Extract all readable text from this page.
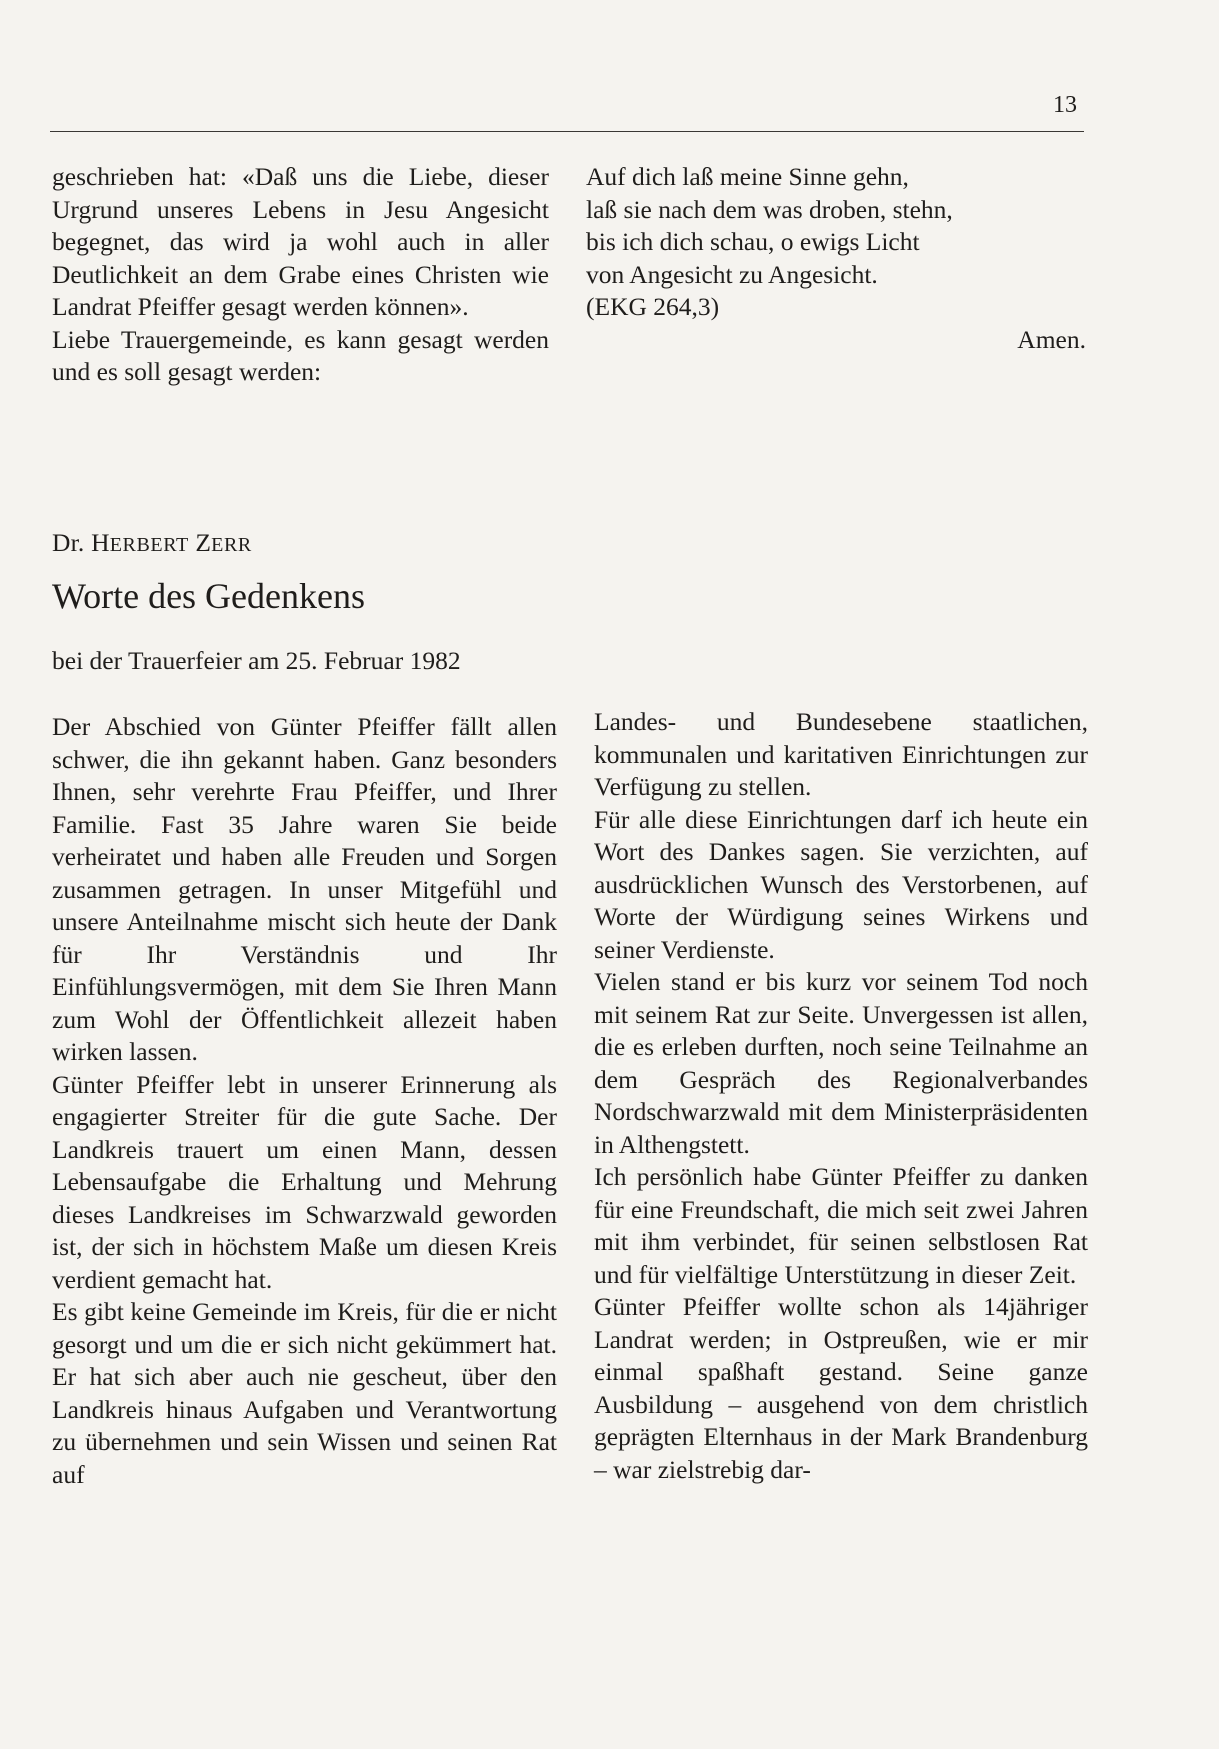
13

geschrieben hat: «Daß uns die Liebe, dieser Urgrund unseres Lebens in Jesu Angesicht begegnet, das wird ja wohl auch in aller Deutlichkeit an dem Grabe eines Christen wie Landrat Pfeiffer gesagt werden können».

Liebe Trauergemeinde, es kann gesagt werden und es soll gesagt werden:

Auf dich laß meine Sinne gehn,

laß sie nach dem was droben, stehn,

bis ich dich schau, o ewigs Licht

von Angesicht zu Angesicht.

(EKG 264,3)

Amen.

Dr. HERBERT ZERR
Worte des Gedenkens
bei der Trauerfeier am 25. Februar 1982

Der Abschied von Günter Pfeiffer fällt allen schwer, die ihn gekannt haben. Ganz besonders Ihnen, sehr verehrte Frau Pfeiffer, und Ihrer Familie. Fast 35 Jahre waren Sie beide verheiratet und haben alle Freuden und Sorgen zusammen getragen. In unser Mitgefühl und unsere Anteilnahme mischt sich heute der Dank für Ihr Verständnis und Ihr Einfühlungsvermögen, mit dem Sie Ihren Mann zum Wohl der Öffentlichkeit allezeit haben wirken lassen.

Günter Pfeiffer lebt in unserer Erinnerung als engagierter Streiter für die gute Sache. Der Landkreis trauert um einen Mann, dessen Lebensaufgabe die Erhaltung und Mehrung dieses Landkreises im Schwarzwald geworden ist, der sich in höchstem Maße um diesen Kreis verdient gemacht hat.

Es gibt keine Gemeinde im Kreis, für die er nicht gesorgt und um die er sich nicht gekümmert hat. Er hat sich aber auch nie gescheut, über den Landkreis hinaus Aufgaben und Verantwortung zu übernehmen und sein Wissen und seinen Rat auf

Landes- und Bundesebene staatlichen, kommunalen und karitativen Einrichtungen zur Verfügung zu stellen.

Für alle diese Einrichtungen darf ich heute ein Wort des Dankes sagen. Sie verzichten, auf ausdrücklichen Wunsch des Verstorbenen, auf Worte der Würdigung seines Wirkens und seiner Verdienste.

Vielen stand er bis kurz vor seinem Tod noch mit seinem Rat zur Seite. Unvergessen ist allen, die es erleben durften, noch seine Teilnahme an dem Gespräch des Regionalverbandes Nordschwarzwald mit dem Ministerpräsidenten in Althengstett.

Ich persönlich habe Günter Pfeiffer zu danken für eine Freundschaft, die mich seit zwei Jahren mit ihm verbindet, für seinen selbstlosen Rat und für vielfältige Unterstützung in dieser Zeit.

Günter Pfeiffer wollte schon als 14jähriger Landrat werden; in Ostpreußen, wie er mir einmal spaßhaft gestand. Seine ganze Ausbildung – ausgehend von dem christlich geprägten Elternhaus in der Mark Brandenburg – war zielstrebig dar-
